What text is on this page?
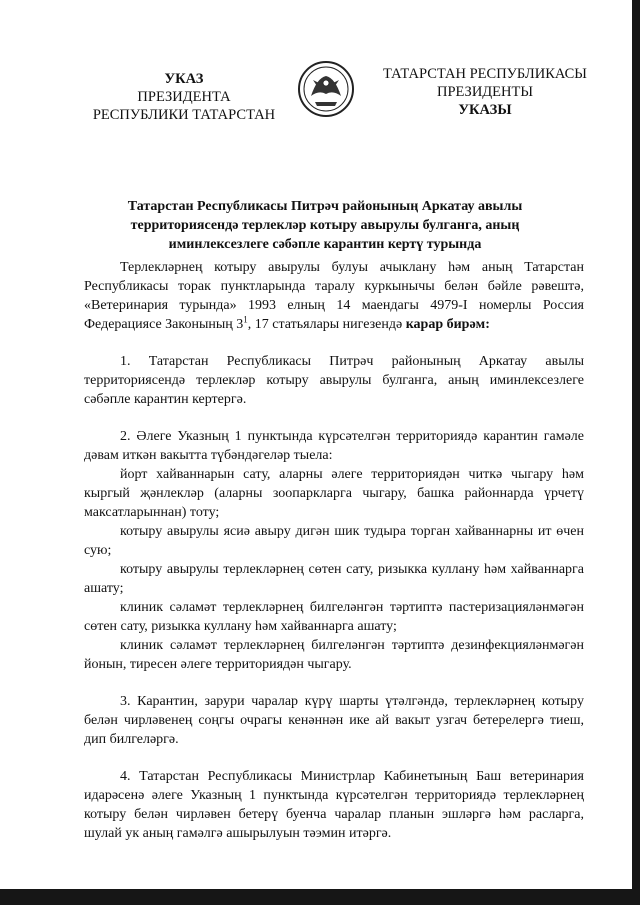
УКАЗ
ПРЕЗИДЕНТА
РЕСПУБЛИКИ ТАТАРСТАН
ТАТАРСТАН РЕСПУБЛИКАСЫ
ПРЕЗИДЕНТЫ
УКАЗЫ
Татарстан Республикасы Питрәч районының Аркатау авылы
территориясендә терлекләр котыру авырулы булганга, аның
иминлексезлеге сәбәпле карантин кертү турында

Терлекләрнең котыру авырулы булуы ачыклану һәм аның Татарстан Республикасы торак пунктларында таралу куркынычы белән бәйле рәвештә, «Ветеринария турында» 1993 елның 14 маендагы 4979-I номерлы Россия Федерациясе Законының $3^1$, 17 статьялары нигезендә карар бирәм:

1. Татарстан Республикасы Питрәч районының Аркатау авылы территориясендә терлекләр котыру авырулы булганга, аның иминлексезлеге сәбәпле карантин кертергә.

2. Әлеге Указның 1 пунктында күрсәтелгән территориядә карантин гамәле дәвам иткән вакытта түбәндәгеләр тыела:

йорт хайваннарын сату, аларны әлеге территориядән читкә чыгару һәм кыргый җәнлекләр (аларны зоопаркларга чыгару, башка районнарда үрчетү максатларыннан) тоту;

котыру авырулы ясиә авыру дигән шик тудыра торган хайваннарны ит өчен сую;

котыру авырулы терлекләрнең сөтен сату, ризыкка куллану һәм хайваннарга ашату;

клиник сәламәт терлекләрнең билгеләнгән тәртиптә пастеризацияләнмәгән сөтен сату, ризыкка куллану һәм хайваннарга ашату;

клиник сәламәт терлекләрнең билгеләнгән тәртиптә дезинфекцияләнмәгән йонын, тиресен әлеге территориядән чыгару.

3. Карантин, зарури чаралар күрү шарты үтәлгәндә, терлекләрнең котыру белән чирләвенең соңгы очрагы кенәннән ике ай вакыт узгач бетерелергә тиеш, дип билгеләргә.

4. Татарстан Республикасы Министрлар Кабинетының Баш ветеринария идарәсенә әлеге Указның 1 пунктында күрсәтелгән территориядә терлекләрнең котыру белән чирләвен бетерү буенча чаралар планын эшләргә һәм расларга, шулай ук аның гамәлгә ашырылуын тәэмин итәргә.
